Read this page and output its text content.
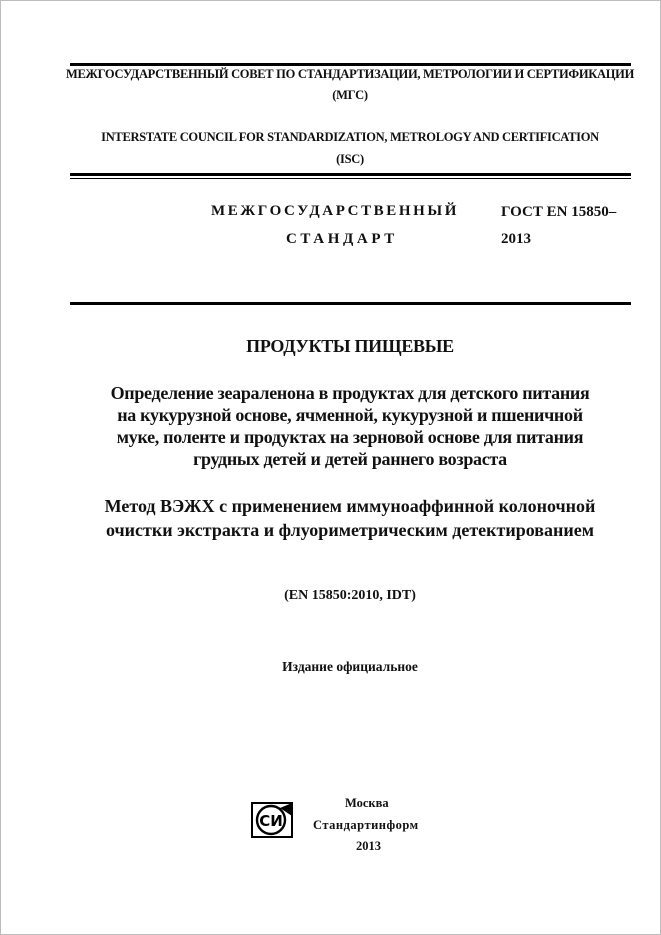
МЕЖГОСУДАРСТВЕННЫЙ СОВЕТ ПО СТАНДАРТИЗАЦИИ, МЕТРОЛОГИИ И СЕРТИФИКАЦИИ
(МГС)
INTERSTATE COUNCIL FOR STANDARDIZATION, METROLOGY AND CERTIFICATION
(ISC)
МЕЖГОСУДАРСТВЕННЫЙ
СТАНДАРТ
ГОСТ EN 15850–
2013
ПРОДУКТЫ ПИЩЕВЫЕ
Определение зеараленона в продуктах для детского питания
на кукурузной основе, ячменной, кукурузной и пшеничной
муке, поленте и продуктах на зерновой основе для питания
грудных детей и детей раннего возраста
Метод ВЭЖХ с применением иммуноаффинной колоночной
очистки экстракта и флуориметрическим детектированием
(EN 15850:2010, IDT)
Издание официальное
СИ
Москва
Стандартинформ
2013
